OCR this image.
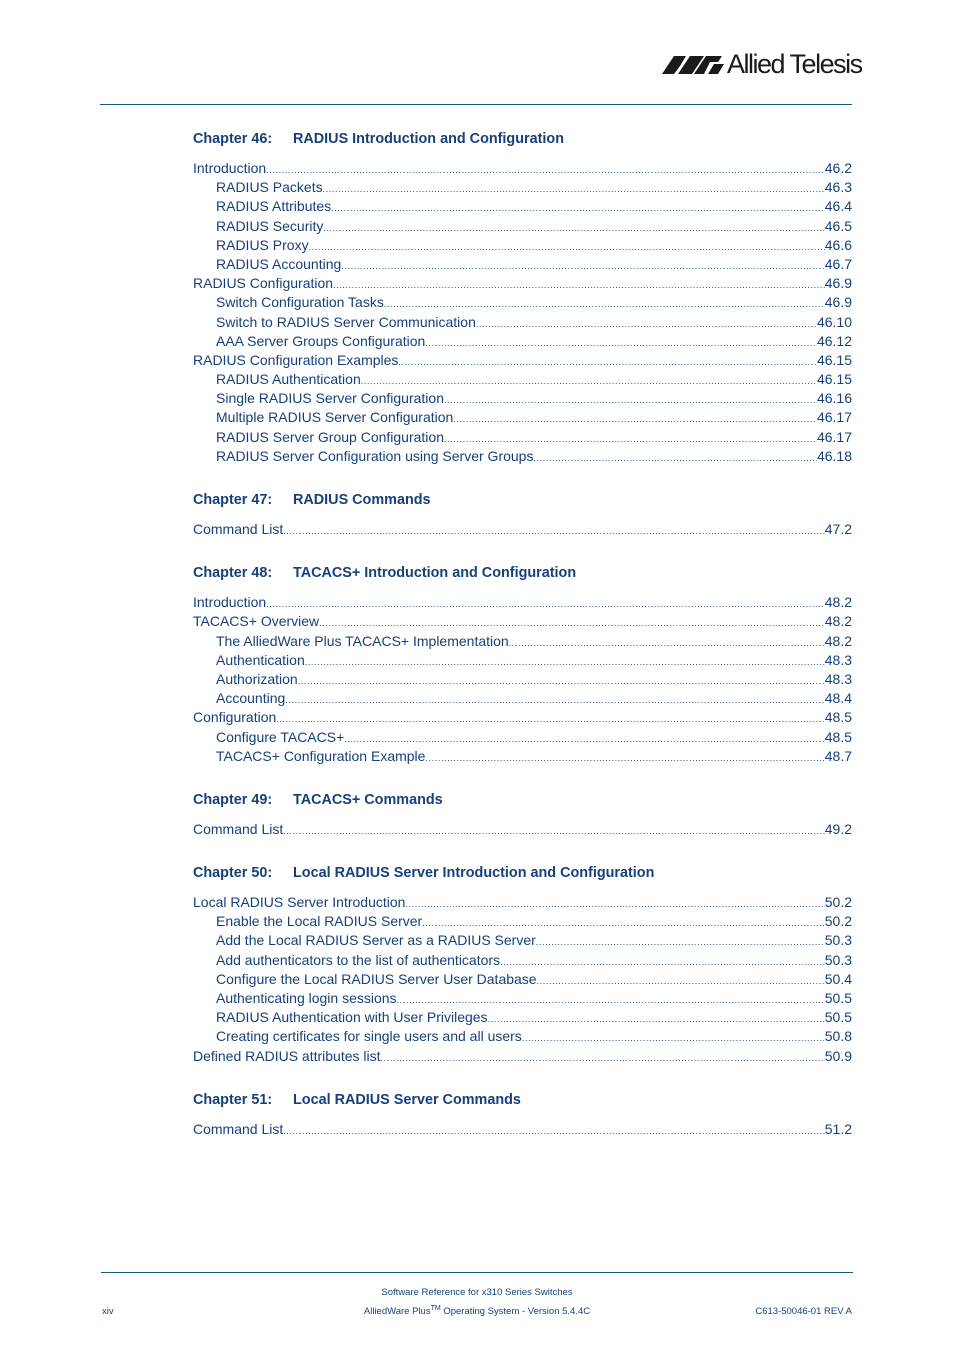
Allied Telesis
Chapter 46: RADIUS Introduction and Configuration
Introduction .....	46.2
RADIUS Packets .....	46.3
RADIUS Attributes .....	46.4
RADIUS Security .....	46.5
RADIUS Proxy .....	46.6
RADIUS Accounting .....	46.7
RADIUS Configuration .....	46.9
Switch Configuration Tasks .....	46.9
Switch to RADIUS Server Communication .....	46.10
AAA Server Groups Configuration .....	46.12
RADIUS Configuration Examples .....	46.15
RADIUS Authentication .....	46.15
Single RADIUS Server Configuration .....	46.16
Multiple RADIUS Server Configuration .....	46.17
RADIUS Server Group Configuration .....	46.17
RADIUS Server Configuration using Server Groups .....	46.18
Chapter 47: RADIUS Commands
Command List .....	47.2
Chapter 48: TACACS+ Introduction and Configuration
Introduction .....	48.2
TACACS+ Overview .....	48.2
The AlliedWare Plus TACACS+ Implementation .....	48.2
Authentication .....	48.3
Authorization .....	48.3
Accounting .....	48.4
Configuration .....	48.5
Configure TACACS+ .....	48.5
TACACS+ Configuration Example .....	48.7
Chapter 49: TACACS+ Commands
Command List .....	49.2
Chapter 50: Local RADIUS Server Introduction and Configuration
Local RADIUS Server Introduction .....	50.2
Enable the Local RADIUS Server .....	50.2
Add the Local RADIUS Server as a RADIUS Server .....	50.3
Add authenticators to the list of authenticators .....	50.3
Configure the Local RADIUS Server User Database .....	50.4
Authenticating login sessions .....	50.5
RADIUS Authentication with User Privileges .....	50.5
Creating certificates for single users and all users .....	50.8
Defined RADIUS attributes list .....	50.9
Chapter 51: Local RADIUS Server Commands
Command List .....	51.2
Software Reference for x310 Series Switches
AlliedWare Plus™ Operating System - Version 5.4.4C
xiv	C613-50046-01 REV A
